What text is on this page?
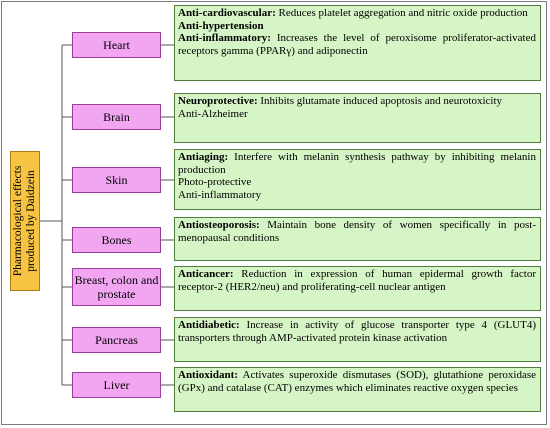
Pharmacological effects produced by Daidzein
Heart

Anti-cardiovascular: Reduces platelet aggregation and nitric oxide production

Anti-hypertension

Anti-inflammatory: Increases the level of peroxisome proliferator-activated receptors gamma (PPARγ) and adiponectin

Brain

Neuroprotective: Inhibits glutamate induced apoptosis and neurotoxicity

Anti-Alzheimer

Skin

Antiaging: Interfere with melanin synthesis pathway by inhibiting melanin production

Photo-protective

Anti-inflammatory

Bones

Antiosteoporosis: Maintain bone density of women specifically in post-menopausal conditions

Breast, colon and prostate

Anticancer: Reduction in expression of human epidermal growth factor receptor-2 (HER2/neu) and proliferating-cell nuclear antigen

Pancreas

Antidiabetic: Increase in activity of glucose transporter type 4 (GLUT4) transporters through AMP-activated protein kinase activation

Liver

Antioxidant: Activates superoxide dismutases (SOD), glutathione peroxidase (GPx) and catalase (CAT) enzymes which eliminates reactive oxygen species
